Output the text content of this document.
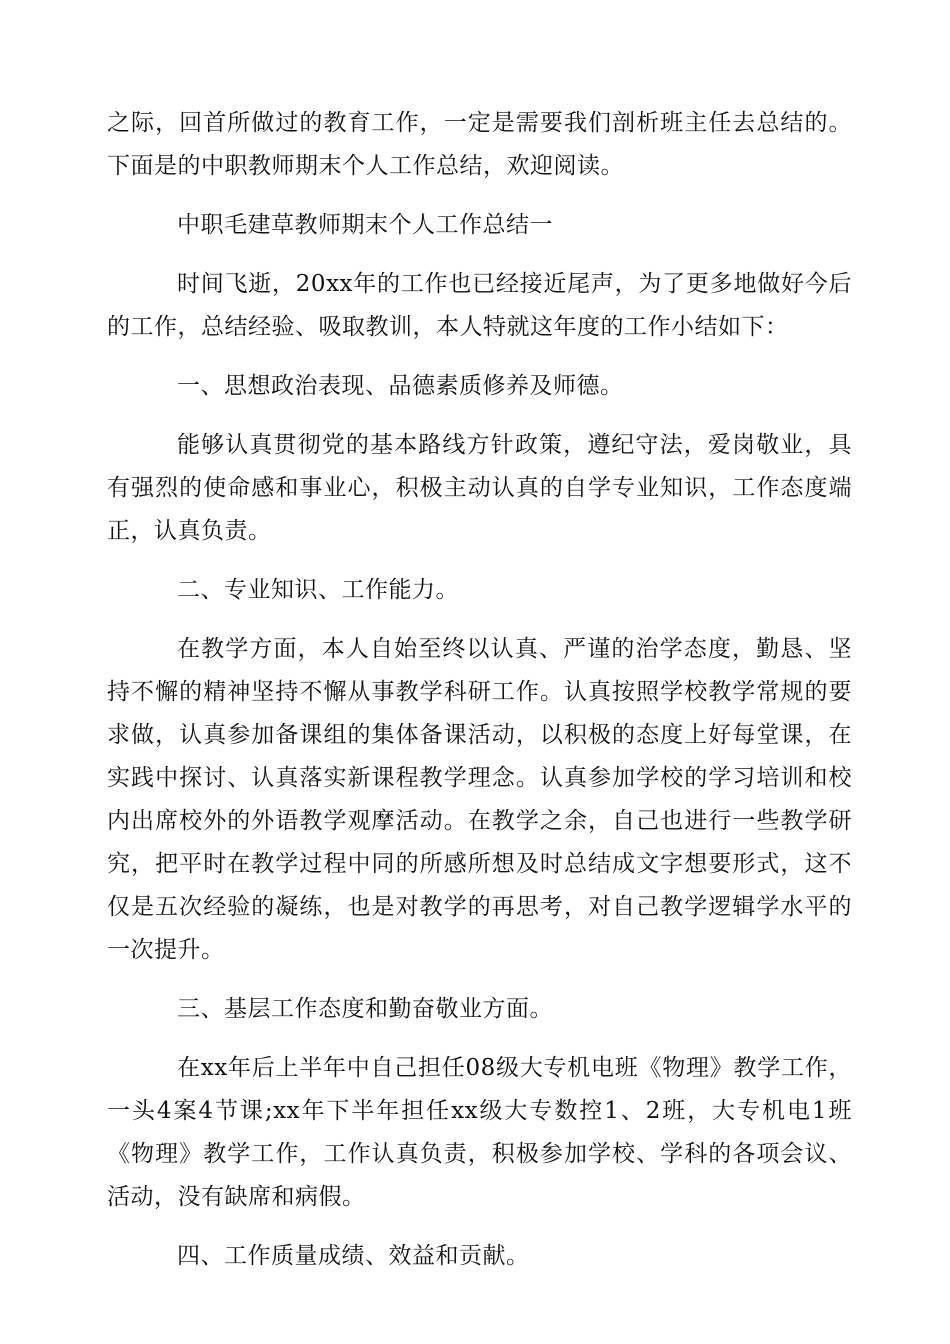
之际，回首所做过的教育工作，一定是需要我们剖析班主任去总结的。下面是的中职教师期末个人工作总结，欢迎阅读。

中职毛建草教师期末个人工作总结一

时间飞逝，20xx年的工作也已经接近尾声，为了更多地做好今后的工作，总结经验、吸取教训，本人特就这年度的工作小结如下：

一、思想政治表现、品德素质修养及师德。

能够认真贯彻党的基本路线方针政策，遵纪守法，爱岗敬业，具有强烈的使命感和事业心，积极主动认真的自学专业知识，工作态度端正，认真负责。

二、专业知识、工作能力。

在教学方面，本人自始至终以认真、严谨的治学态度，勤恳、坚持不懈的精神坚持不懈从事教学科研工作。认真按照学校教学常规的要求做，认真参加备课组的集体备课活动，以积极的态度上好每堂课，在实践中探讨、认真落实新课程教学理念。认真参加学校的学习培训和校内出席校外的外语教学观摩活动。在教学之余，自己也进行一些教学研究，把平时在教学过程中同的所感所想及时总结成文字想要形式，这不仅是五次经验的凝练，也是对教学的再思考，对自己教学逻辑学水平的一次提升。

三、基层工作态度和勤奋敬业方面。

在xx年后上半年中自己担任08级大专机电班《物理》教学工作，一头4案4节课;xx年下半年担任xx级大专数控1、2班，大专机电1班《物理》教学工作，工作认真负责，积极参加学校、学科的各项会议、活动，没有缺席和病假。

四、工作质量成绩、效益和贡献。
